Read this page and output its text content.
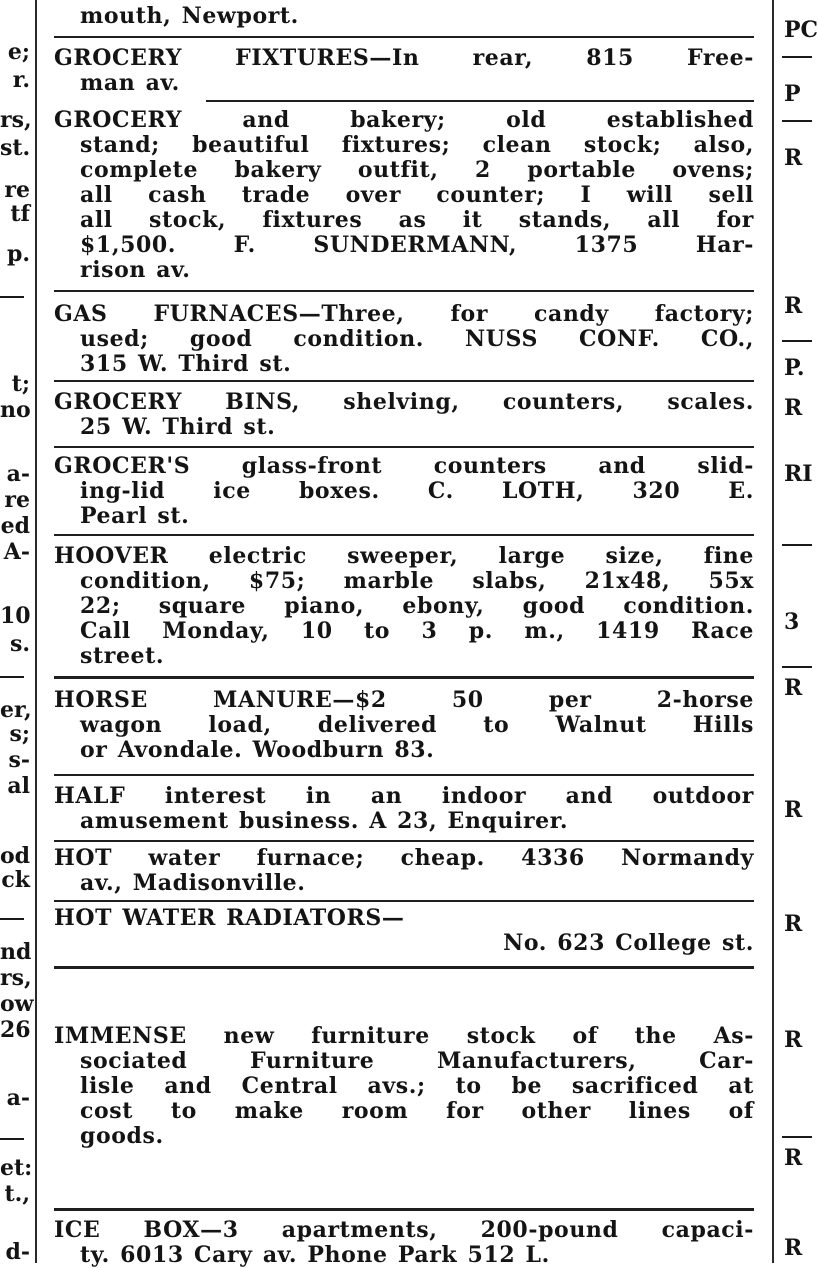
e;
r.
rs,
st.
re
tf
p.
t;
no
a-
re
ed
A-
10
s.
er,
s;
s-
al
od
ck
nd
rs,
ow
26
a-
et:
t.,
d-
PC
P
R
R
P.
R
RI
3
R
R
R
R
R
R
mouth, Newport.
GROCERY FIXTURES—In rear, 815 Free-
man av.
GROCERY and bakery; old established
stand; beautiful fixtures; clean stock; also,
complete bakery outfit, 2 portable ovens;
all cash trade over counter; I will sell
all stock, fixtures as it stands, all for
$1,500. F. SUNDERMANN, 1375 Har-
rison av.
GAS FURNACES—Three, for candy factory;
used; good condition. NUSS CONF. CO.,
315 W. Third st.
GROCERY BINS, shelving, counters, scales.
25 W. Third st.
GROCER'S glass-front counters and slid-
ing-lid ice boxes. C. LOTH, 320 E.
Pearl st.
HOOVER electric sweeper, large size, fine
condition, $75; marble slabs, 21x48, 55x
22; square piano, ebony, good condition.
Call Monday, 10 to 3 p. m., 1419 Race
street.
HORSE MANURE—$2 50 per 2-horse
wagon load, delivered to Walnut Hills
or Avondale. Woodburn 83.
HALF interest in an indoor and outdoor
amusement business. A 23, Enquirer.
HOT water furnace; cheap. 4336 Normandy
av., Madisonville.
HOT WATER RADIATORS—
No. 623 College st.
IMMENSE new furniture stock of the As-
sociated Furniture Manufacturers, Car-
lisle and Central avs.; to be sacrificed at
cost to make room for other lines of
goods.
ICE BOX—3 apartments, 200-pound capaci-
ty. 6013 Cary av. Phone Park 512 L.
